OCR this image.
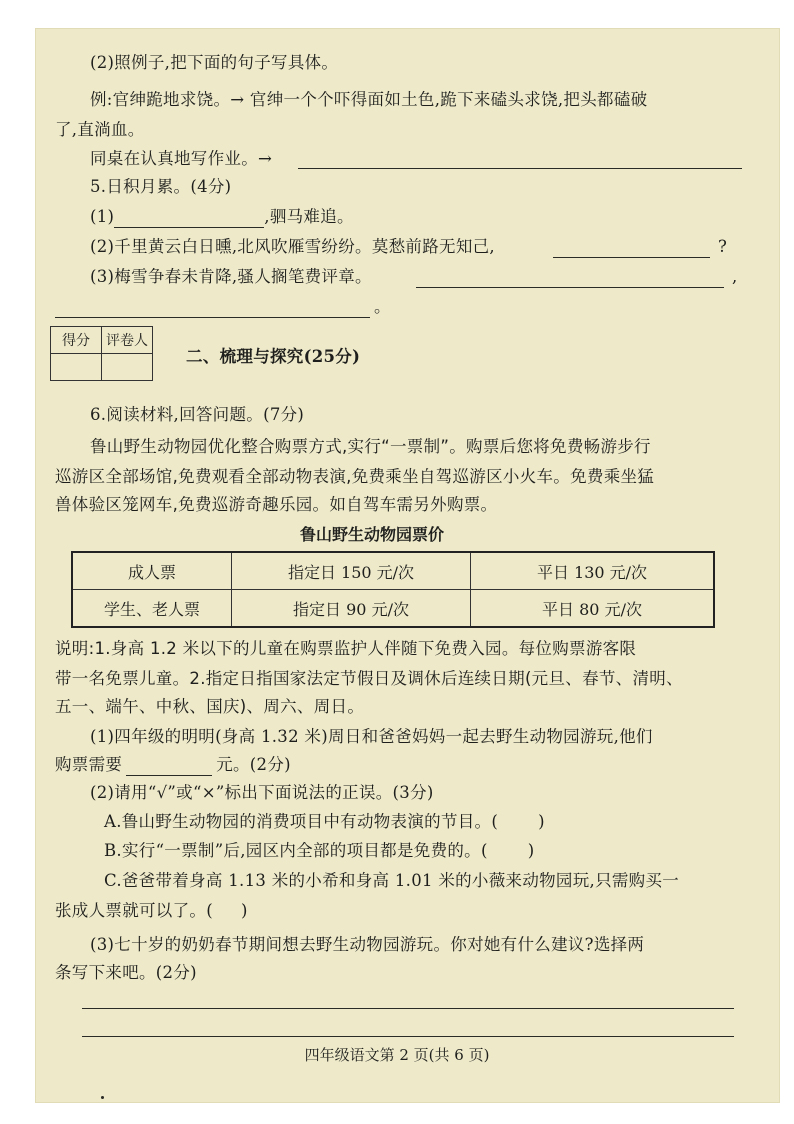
(2)照例子,把下面的句子写具体。
例:官绅跪地求饶。→ 官绅一个个吓得面如土色,跪下来磕头求饶,把头都磕破
了,直淌血。
同桌在认真地写作业。→
5.日积月累。(4分)
(1)	,驷马难追。
(2)千里黄云白日曛,北风吹雁雪纷纷。莫愁前路无知己,	?
(3)梅雪争春未肯降,骚人搁笔费评章。	,
。
得分	评卷人

二、梳理与探究(25分)
6.阅读材料,回答问题。(7分)
鲁山野生动物园优化整合购票方式,实行“一票制”。购票后您将免费畅游步行
巡游区全部场馆,免费观看全部动物表演,免费乘坐自驾巡游区小火车。免费乘坐猛
兽体验区笼网车,免费巡游奇趣乐园。如自驾车需另外购票。
鲁山野生动物园票价
成人票	指定日 150 元/次	平日 130 元/次
学生、老人票	指定日 90 元/次	平日 80 元/次
说明:1.身高 1.2 米以下的儿童在购票监护人伴随下免费入园。每位购票游客限
带一名免票儿童。2.指定日指国家法定节假日及调休后连续日期(元旦、春节、清明、
五一、端午、中秋、国庆)、周六、周日。
(1)四年级的明明(身高 1.32 米)周日和爸爸妈妈一起去野生动物园游玩,他们
购票需要	元。(2分)
(2)请用“√”或“×”标出下面说法的正误。(3分)
A.鲁山野生动物园的消费项目中有动物表演的节目。( )
B.实行“一票制”后,园区内全部的项目都是免费的。( )
C.爸爸带着身高 1.13 米的小希和身高 1.01 米的小薇来动物园玩,只需购买一
张成人票就可以了。( )
(3)七十岁的奶奶春节期间想去野生动物园游玩。你对她有什么建议?选择两
条写下来吧。(2分)
四年级语文第 2 页(共 6 页)
